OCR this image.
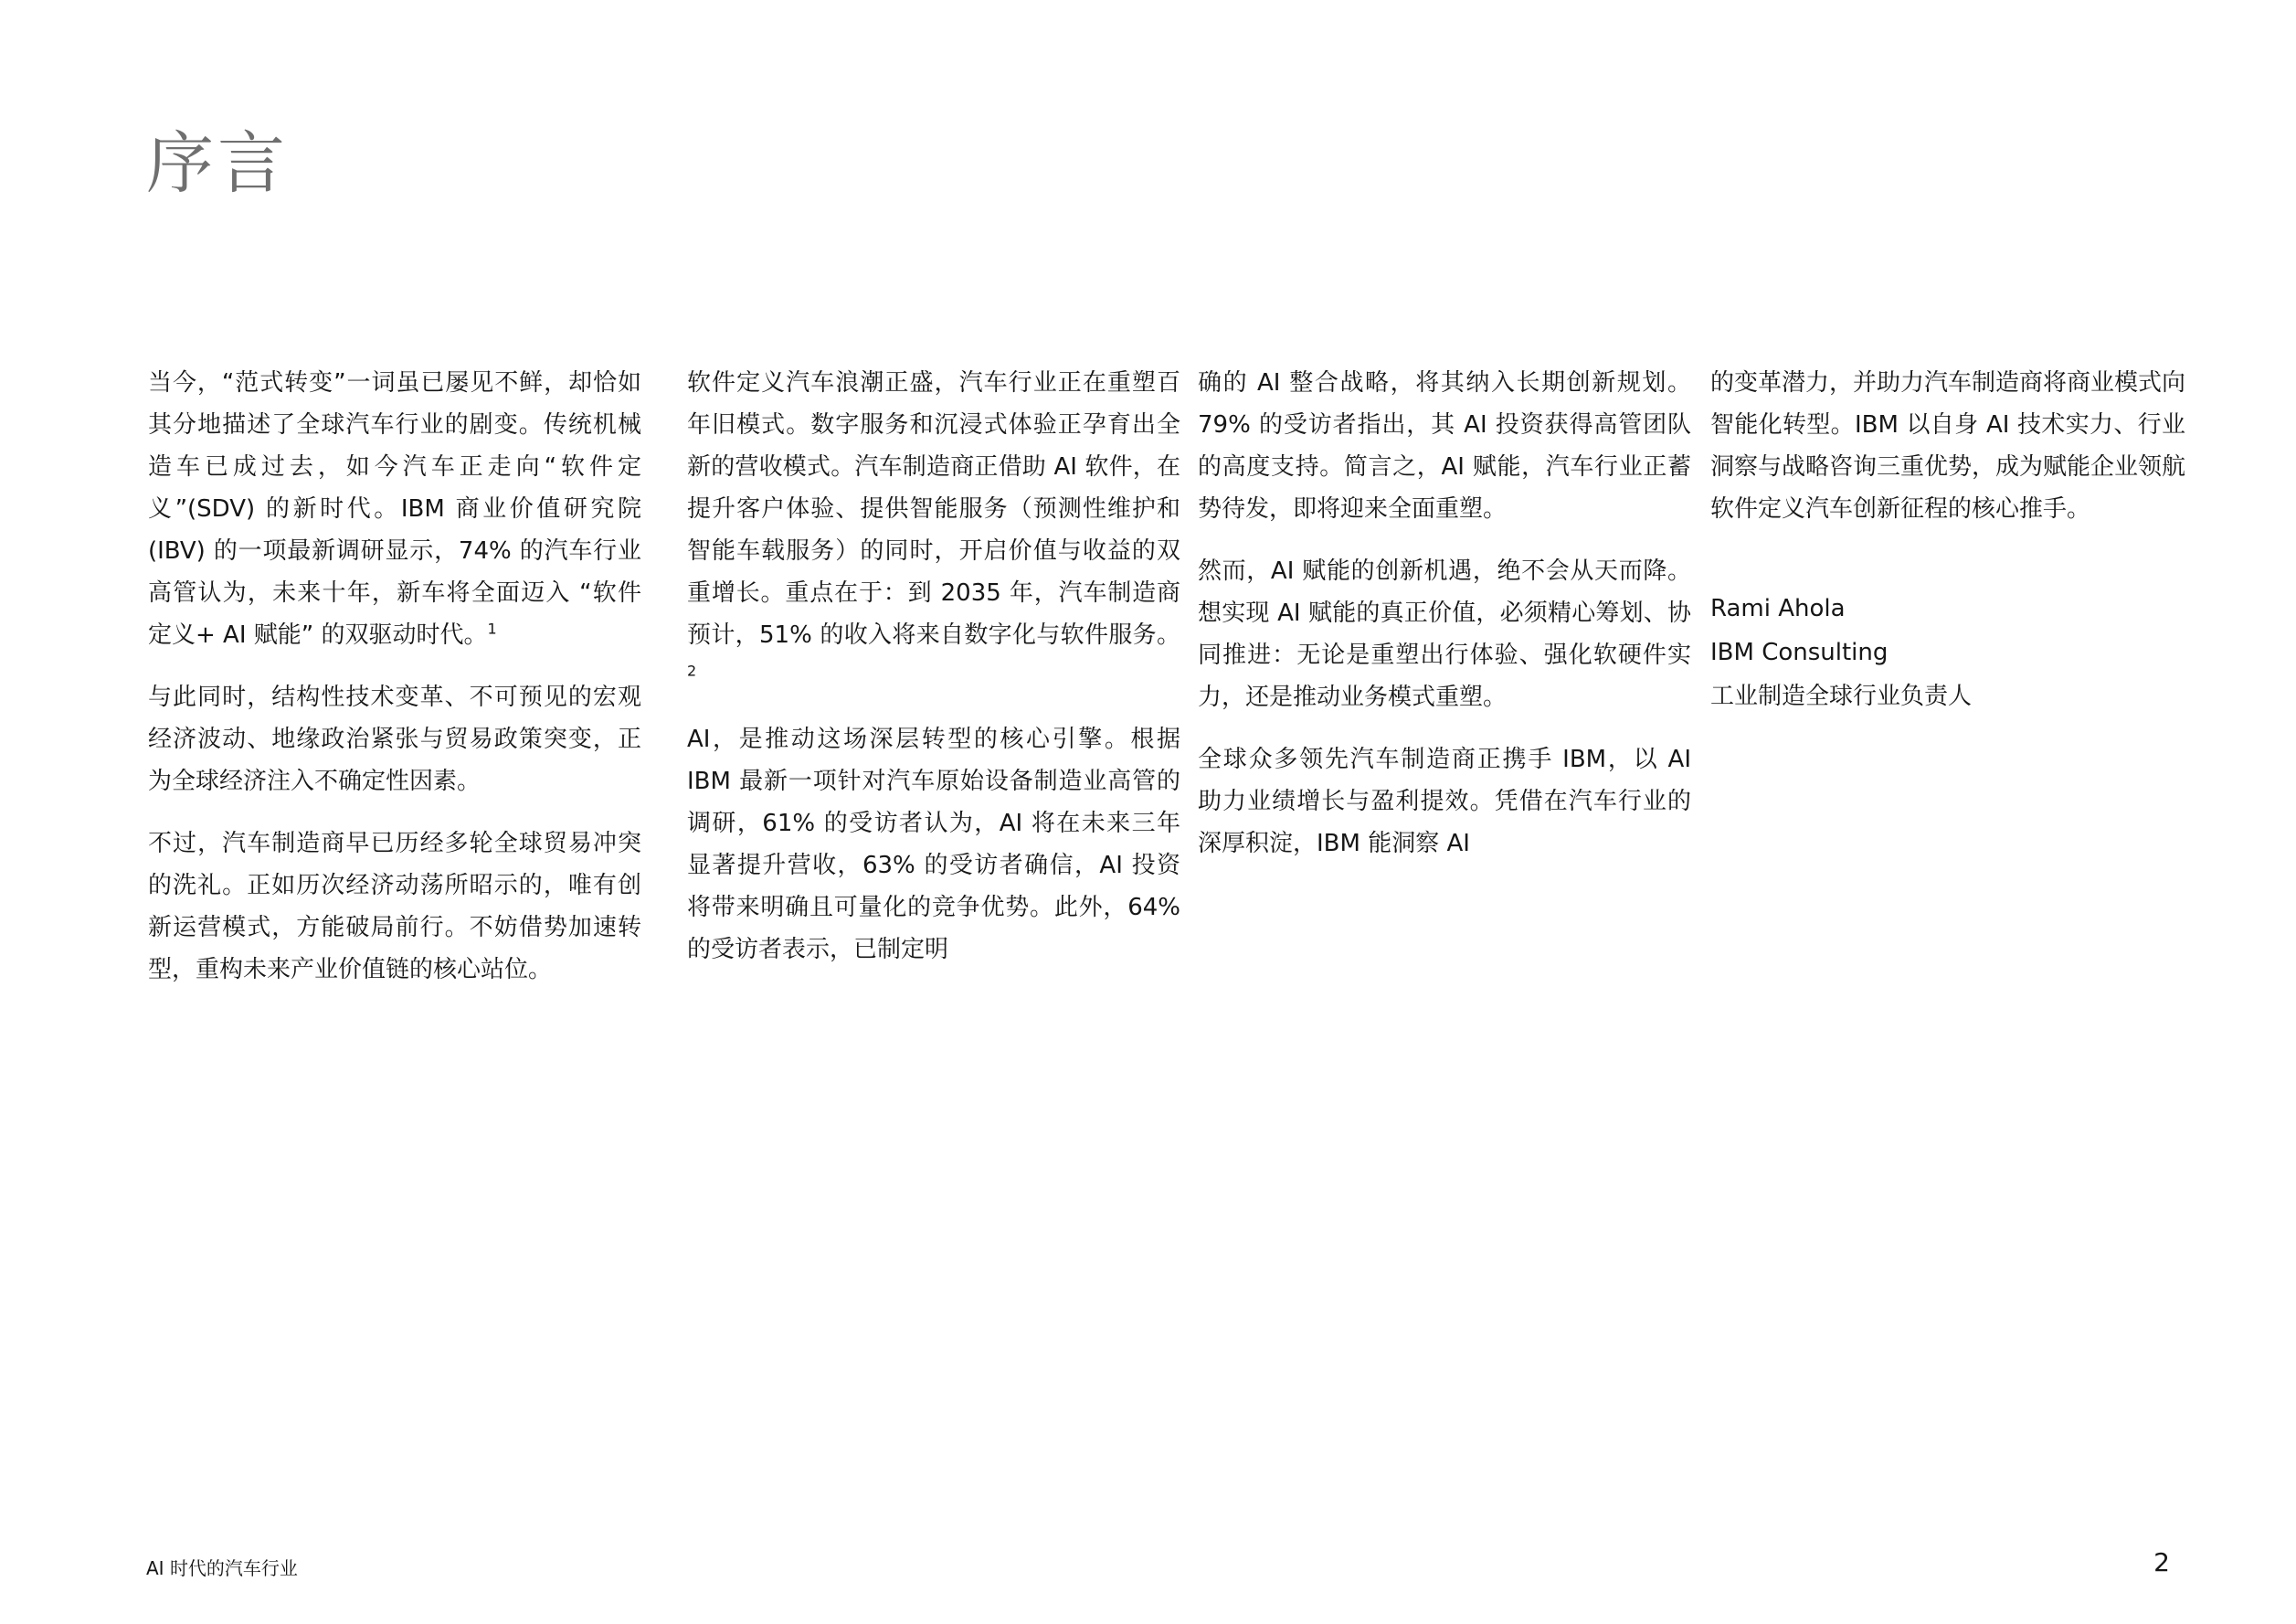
序言

当今，“范式转变”一词虽已屡见不鲜，却恰如其分地描述了全球汽车行业的剧变。传统机械造车已成过去，如今汽车正走向“软件定义”(SDV) 的新时代。IBM 商业价值研究院 (IBV) 的一项最新调研显示，74% 的汽车行业高管认为，未来十年，新车将全面迈入 “软件定义+ AI 赋能” 的双驱动时代。$^1$

与此同时，结构性技术变革、不可预见的宏观经济波动、地缘政治紧张与贸易政策突变，正为全球经济注入不确定性因素。

不过，汽车制造商早已历经多轮全球贸易冲突的洗礼。正如历次经济动荡所昭示的，唯有创新运营模式，方能破局前行。不妨借势加速转型，重构未来产业价值链的核心站位。

软件定义汽车浪潮正盛，汽车行业正在重塑百年旧模式。数字服务和沉浸式体验正孕育出全新的营收模式。汽车制造商正借助 AI 软件，在提升客户体验、提供智能服务（预测性维护和智能车载服务）的同时，开启价值与收益的双重增长。重点在于：到 2035 年，汽车制造商预计，51% 的收入将来自数字化与软件服务。$^2$

AI，是推动这场深层转型的核心引擎。根据 IBM 最新一项针对汽车原始设备制造业高管的调研，61% 的受访者认为，AI 将在未来三年显著提升营收，63% 的受访者确信，AI 投资将带来明确且可量化的竞争优势。此外，64% 的受访者表示，已制定明

确的 AI 整合战略，将其纳入长期创新规划。79% 的受访者指出，其 AI 投资获得高管团队的高度支持。简言之，AI 赋能，汽车行业正蓄势待发，即将迎来全面重塑。

然而，AI 赋能的创新机遇，绝不会从天而降。想实现 AI 赋能的真正价值，必须精心筹划、协同推进：无论是重塑出行体验、强化软硬件实力，还是推动业务模式重塑。

全球众多领先汽车制造商正携手 IBM，以 AI 助力业绩增长与盈利提效。凭借在汽车行业的深厚积淀，IBM 能洞察 AI

的变革潜力，并助力汽车制造商将商业模式向智能化转型。IBM 以自身 AI 技术实力、行业洞察与战略咨询三重优势，成为赋能企业领航软件定义汽车创新征程的核心推手。

Rami Ahola
IBM Consulting
工业制造全球行业负责人
AI 时代的汽车行业	2
